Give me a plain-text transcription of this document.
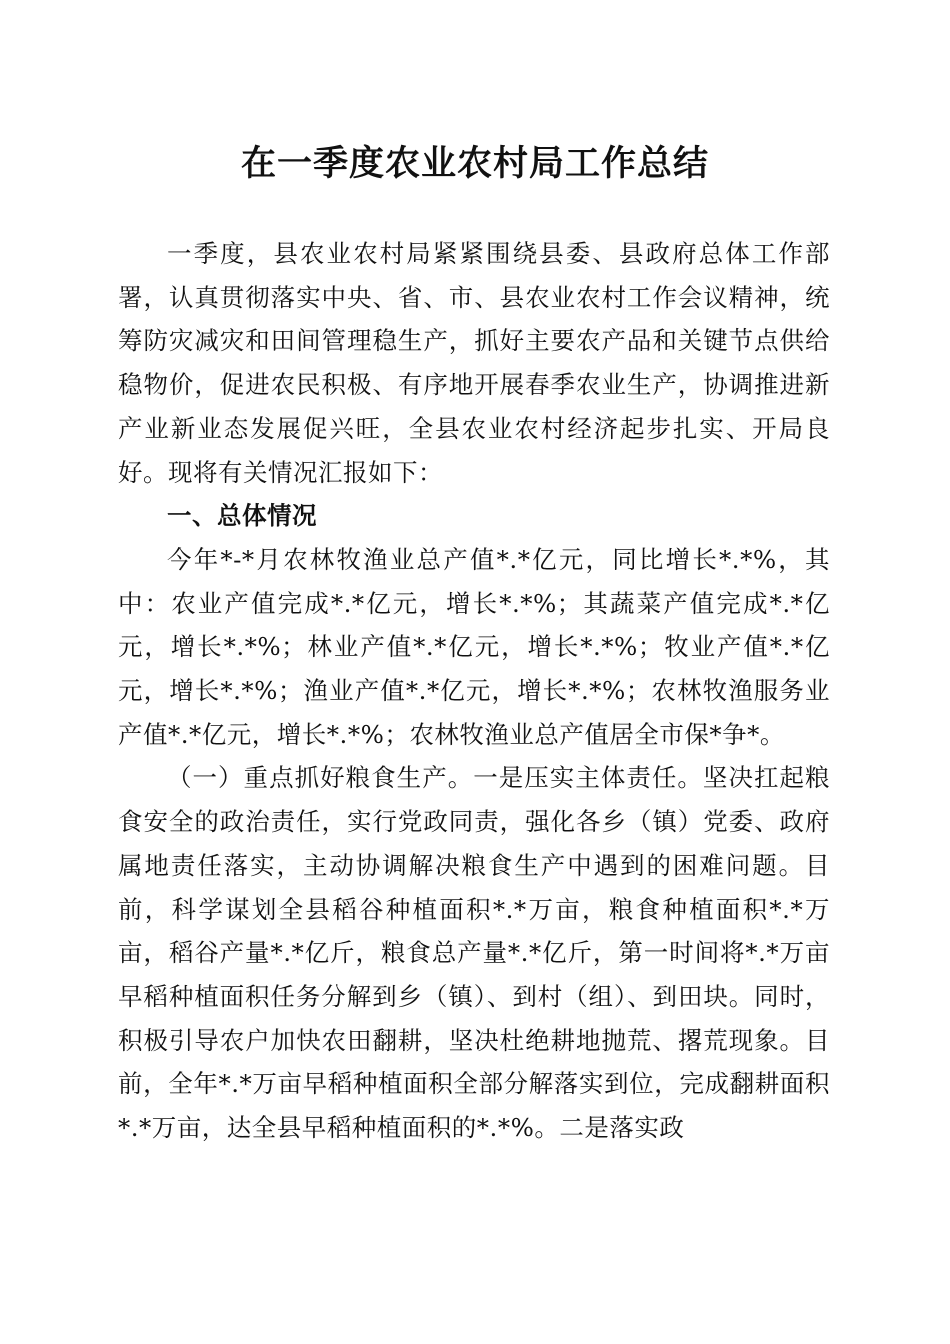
在一季度农业农村局工作总结

一季度，县农业农村局紧紧围绕县委、县政府总体工作部署，认真贯彻落实中央、省、市、县农业农村工作会议精神，统筹防灾减灾和田间管理稳生产，抓好主要农产品和关键节点供给稳物价，促进农民积极、有序地开展春季农业生产，协调推进新产业新业态发展促兴旺，全县农业农村经济起步扎实、开局良好。现将有关情况汇报如下：

一、总体情况

今年*-*月农林牧渔业总产值*.*亿元，同比增长*.*%，其中：农业产值完成*.*亿元，增长*.*%；其蔬菜产值完成*.*亿元，增长*.*%；林业产值*.*亿元，增长*.*%；牧业产值*.*亿元，增长*.*%；渔业产值*.*亿元，增长*.*%；农林牧渔服务业产值*.*亿元，增长*.*%；农林牧渔业总产值居全市保*争*。

（一）重点抓好粮食生产。一是压实主体责任。坚决扛起粮食安全的政治责任，实行党政同责，强化各乡（镇）党委、政府属地责任落实，主动协调解决粮食生产中遇到的困难问题。目前，科学谋划全县稻谷种植面积*.*万亩，粮食种植面积*.*万亩，稻谷产量*.*亿斤，粮食总产量*.*亿斤，第一时间将*.*万亩早稻种植面积任务分解到乡（镇）、到村（组）、到田块。同时，积极引导农户加快农田翻耕，坚决杜绝耕地抛荒、撂荒现象。目前，全年*.*万亩早稻种植面积全部分解落实到位，完成翻耕面积*.*万亩，达全县早稻种植面积的*.*%。二是落实政
